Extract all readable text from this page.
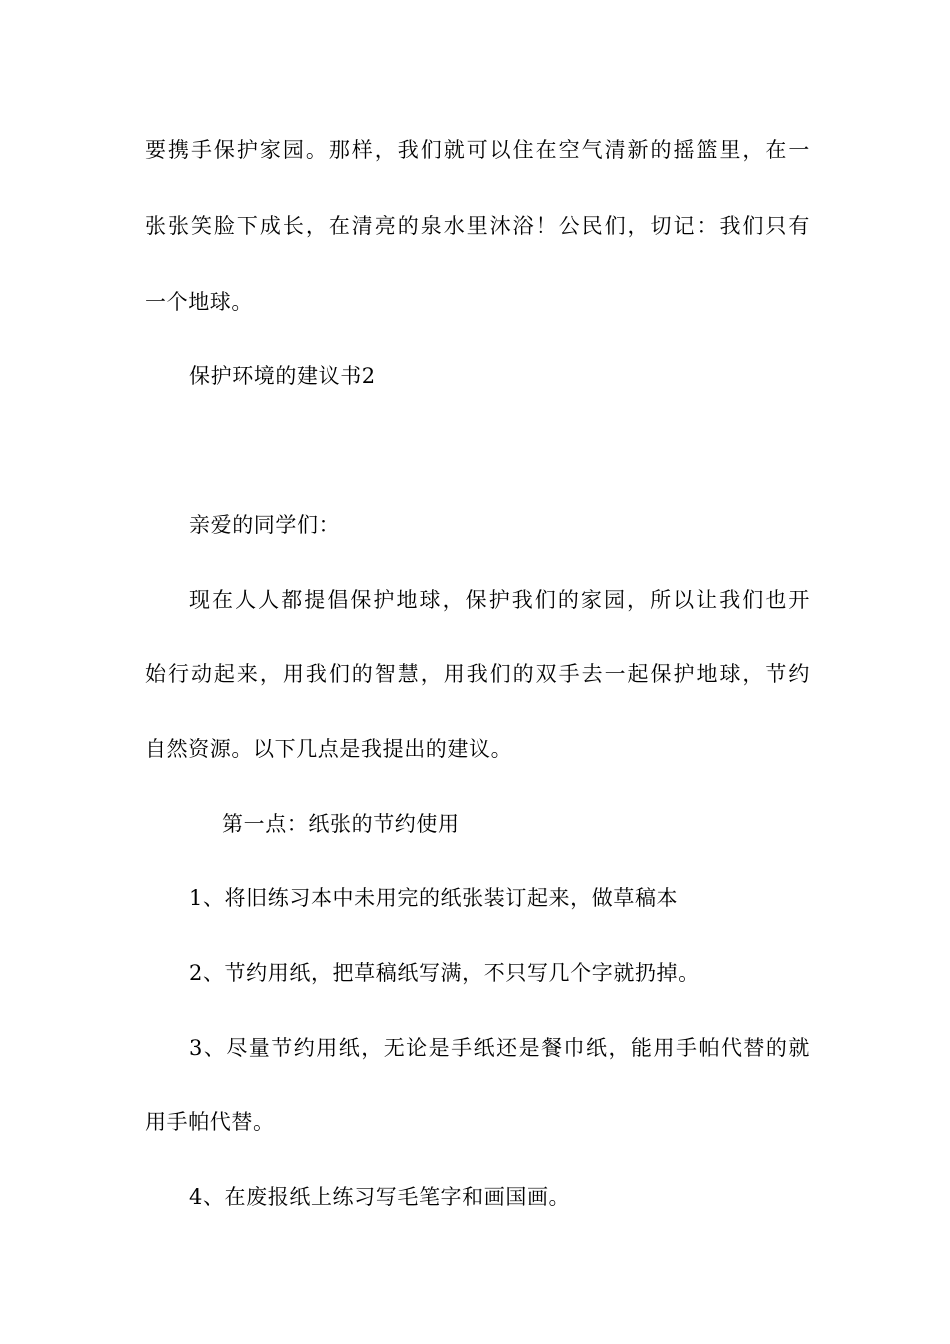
要携手保护家园。那样，我们就可以住在空气清新的摇篮里，在一
张张笑脸下成长，在清亮的泉水里沐浴！公民们，切记：我们只有
一个地球。
保护环境的建议书2
亲爱的同学们：
现在人人都提倡保护地球，保护我们的家园，所以让我们也开
始行动起来，用我们的智慧，用我们的双手去一起保护地球，节约
自然资源。以下几点是我提出的建议。
第一点：纸张的节约使用
1、将旧练习本中未用完的纸张装订起来，做草稿本
2、节约用纸，把草稿纸写满，不只写几个字就扔掉。
3、尽量节约用纸，无论是手纸还是餐巾纸，能用手帕代替的就
用手帕代替。
4、在废报纸上练习写毛笔字和画国画。
